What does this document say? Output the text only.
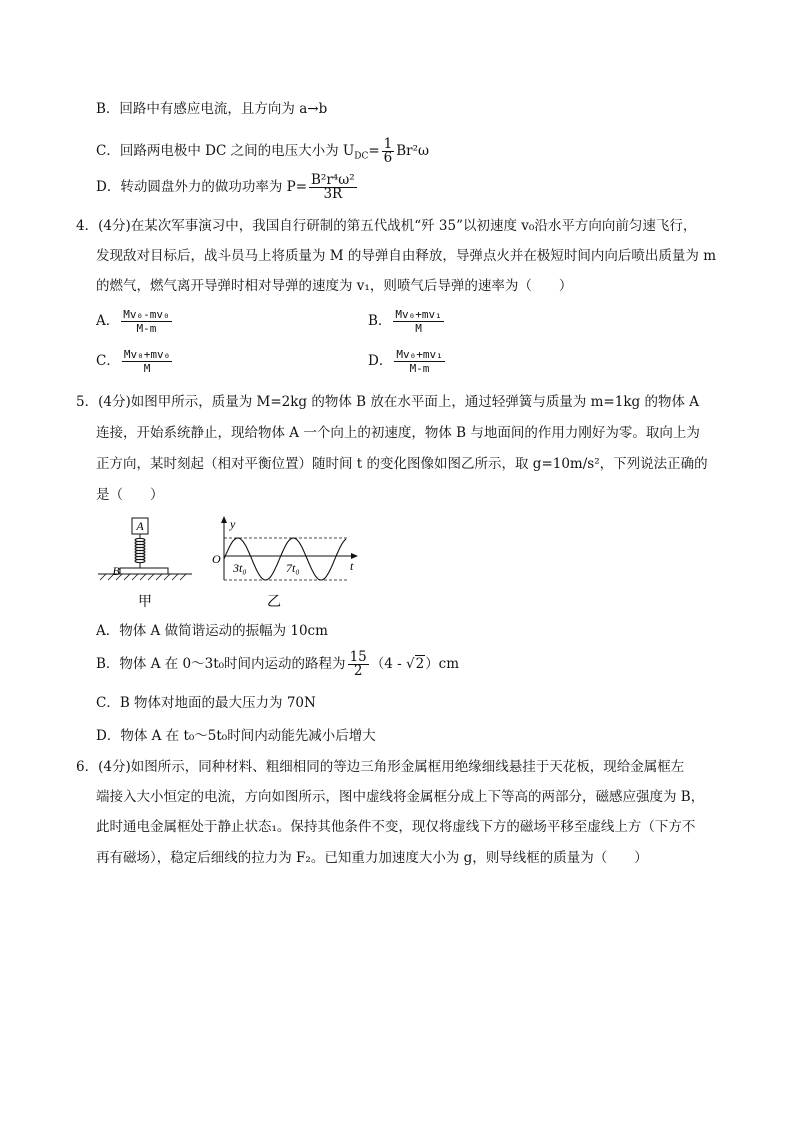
B．回路中有感应电流，且方向为 a→b
C．回路两电极中 DC 之间的电压大小为 $U_{DC}= \frac{1}{6} Br^2\omega$
D．转动圆盘外力的做功功率为 $P= \frac{\text{B²r⁴ω²}}{3R}$
4．(4分)在某次军事演习中，我国自行研制的第五代战机“歼 35”以初速度 v₀沿水平方向向前匀速飞行，
发现敌对目标后，战斗员马上将质量为 M 的导弹自由释放，导弹点火并在极短时间内向后喷出质量为 m
的燃气，燃气离开导弹时相对导弹的速度为 v₁，则喷气后导弹的速率为（　　）
A． $\frac{\text{Mv₀-mv₀}}{M-m}$	B． $\frac{\text{Mv₀+mv₁}}{M}$
C． $\frac{\text{Mv₀+mv₀}}{M}$	D． $\frac{\text{Mv₀+mv₁}}{M-m}$
5．(4分)如图甲所示，质量为 M=2kg 的物体 B 放在水平面上，通过轻弹簧与质量为 m=1kg 的物体 A
连接，开始系统静止，现给物体 A 一个向上的初速度，物体 B 与地面间的作用力刚好为零。取向上为
正方向，某时刻起（相对平衡位置）随时间 t 的变化图像如图乙所示，取 g=10m/s²，下列说法正确的
是（　　）
A
B
甲
y
O	t
3t₀	7t₀
乙
A．物体 A 做简谐运动的振幅为 10cm
B．物体 A 在 0～3t₀时间内运动的路程为 $\frac{15}{2} (4 - √2)cm$
C．B 物体对地面的最大压力为 70N
D．物体 A 在 t₀～5t₀时间内动能先减小后增大
6．(4分)如图所示，同种材料、粗细相同的等边三角形金属框用绝缘细线悬挂于天花板，现给金属框左
端接入大小恒定的电流，方向如图所示，图中虚线将金属框分成上下等高的两部分，磁感应强度为 B，
此时通电金属框处于静止状态₁。保持其他条件不变，现仅将虚线下方的磁场平移至虚线上方（下方不
再有磁场），稳定后细线的拉力为 F₂。已知重力加速度大小为 g，则导线框的质量为（　　）
